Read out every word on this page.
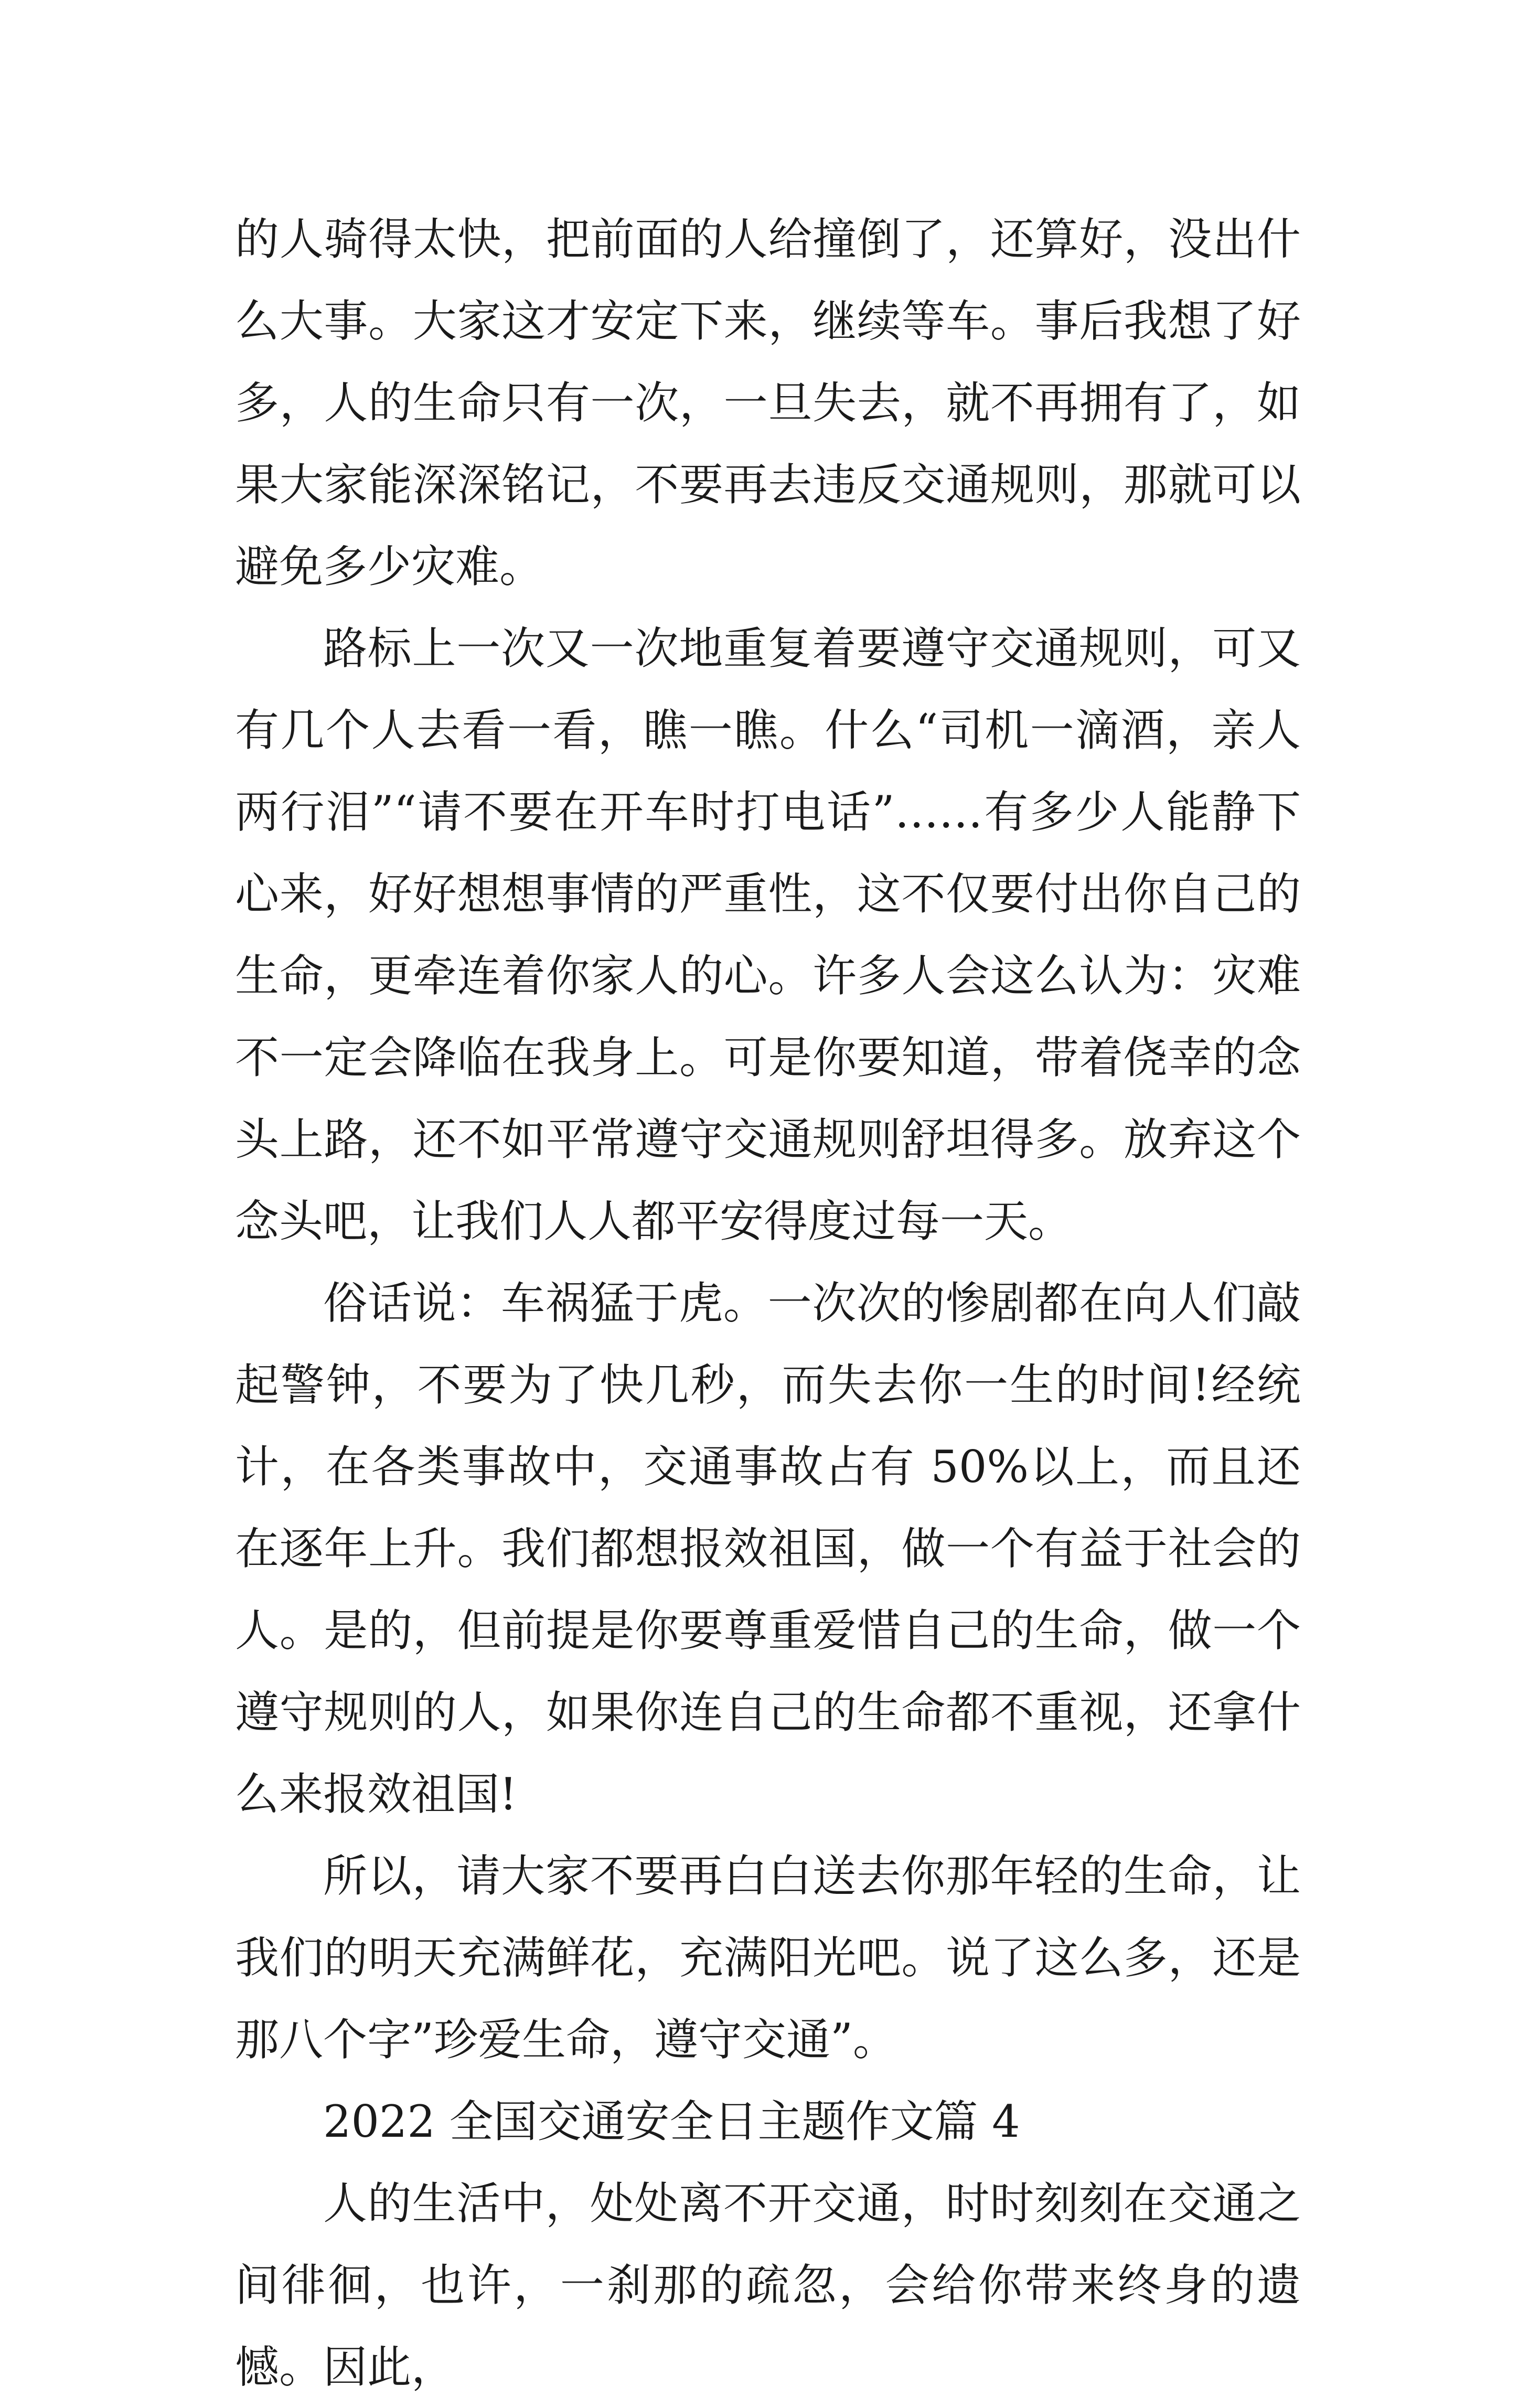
的人骑得太快，把前面的人给撞倒了，还算好，没出什么大事。大家这才安定下来，继续等车。事后我想了好多，人的生命只有一次，一旦失去，就不再拥有了，如果大家能深深铭记，不要再去违反交通规则，那就可以避免多少灾难。

路标上一次又一次地重复着要遵守交通规则，可又有几个人去看一看，瞧一瞧。什么“司机一滴酒，亲人两行泪”“请不要在开车时打电话”……有多少人能静下心来，好好想想事情的严重性，这不仅要付出你自己的生命，更牵连着你家人的心。许多人会这么认为：灾难不一定会降临在我身上。可是你要知道，带着侥幸的念头上路，还不如平常遵守交通规则舒坦得多。放弃这个念头吧，让我们人人都平安得度过每一天。

俗话说：车祸猛于虎。一次次的惨剧都在向人们敲起警钟，不要为了快几秒，而失去你一生的时间!经统计，在各类事故中，交通事故占有 50%以上，而且还在逐年上升。我们都想报效祖国，做一个有益于社会的人。是的，但前提是你要尊重爱惜自己的生命，做一个遵守规则的人，如果你连自己的生命都不重视，还拿什么来报效祖国!

所以，请大家不要再白白送去你那年轻的生命，让我们的明天充满鲜花，充满阳光吧。说了这么多，还是那八个字”珍爱生命，遵守交通”。

2022 全国交通安全日主题作文篇 4

人的生活中，处处离不开交通，时时刻刻在交通之间徘徊，也许，一刹那的疏忽，会给你带来终身的遗憾。因此，
